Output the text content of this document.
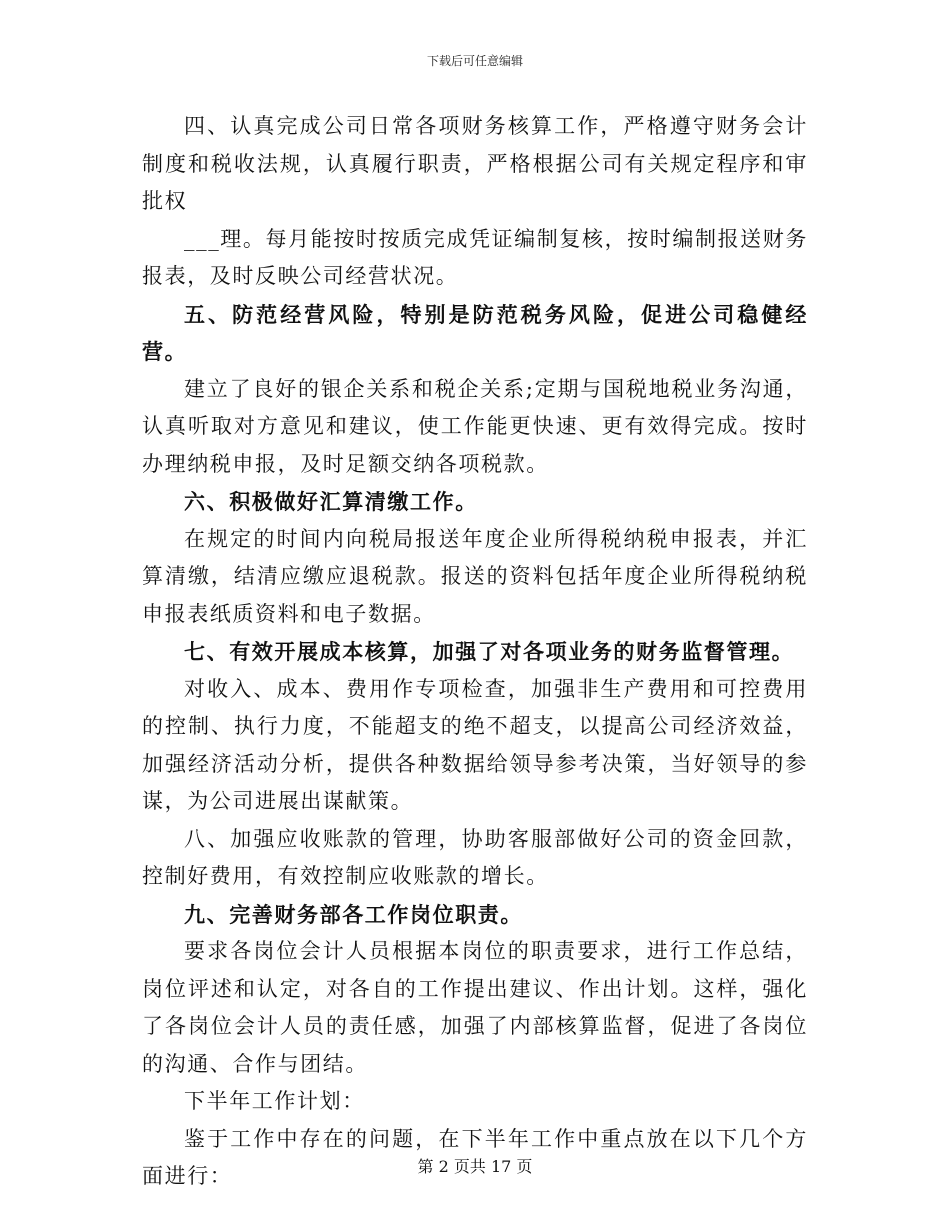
下载后可任意编辑

四、认真完成公司日常各项财务核算工作，严格遵守财务会计制度和税收法规，认真履行职责，严格根据公司有关规定程序和审批权

___理。每月能按时按质完成凭证编制复核，按时编制报送财务报表，及时反映公司经营状况。

五、防范经营风险，特别是防范税务风险，促进公司稳健经营。

建立了良好的银企关系和税企关系;定期与国税地税业务沟通，认真听取对方意见和建议，使工作能更快速、更有效得完成。按时办理纳税申报，及时足额交纳各项税款。

六、积极做好汇算清缴工作。

在规定的时间内向税局报送年度企业所得税纳税申报表，并汇算清缴，结清应缴应退税款。报送的资料包括年度企业所得税纳税申报表纸质资料和电子数据。

七、有效开展成本核算，加强了对各项业务的财务监督管理。

对收入、成本、费用作专项检查，加强非生产费用和可控费用的控制、执行力度，不能超支的绝不超支，以提高公司经济效益，加强经济活动分析，提供各种数据给领导参考决策，当好领导的参谋，为公司进展出谋献策。

八、加强应收账款的管理，协助客服部做好公司的资金回款，控制好费用，有效控制应收账款的增长。

九、完善财务部各工作岗位职责。

要求各岗位会计人员根据本岗位的职责要求，进行工作总结，岗位评述和认定，对各自的工作提出建议、作出计划。这样，强化了各岗位会计人员的责任感，加强了内部核算监督，促进了各岗位的沟通、合作与团结。

下半年工作计划：

鉴于工作中存在的问题，在下半年工作中重点放在以下几个方面进行：	第 2 页共 17 页
